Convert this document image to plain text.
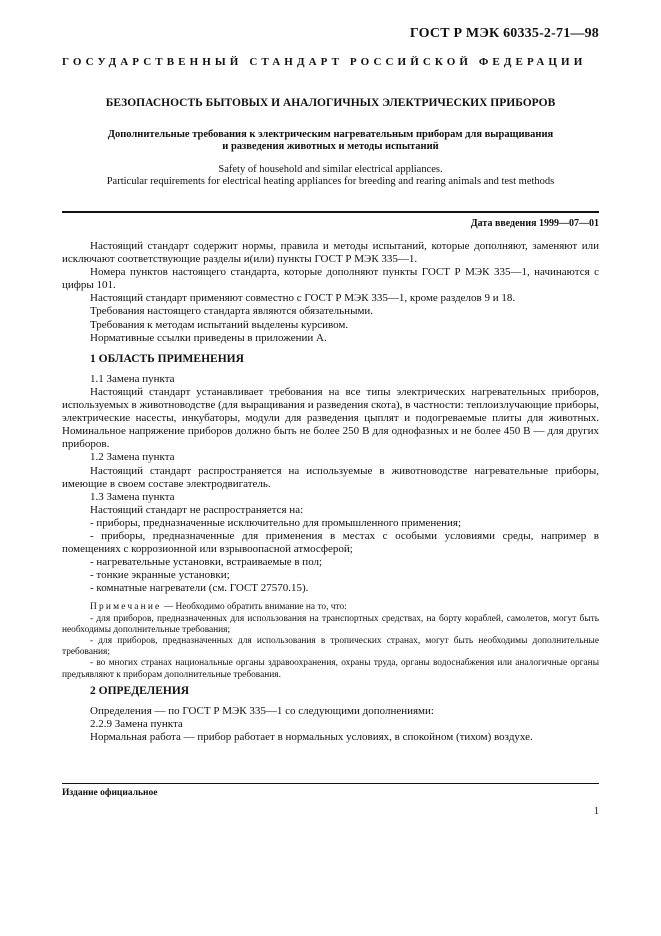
ГОСТ Р МЭК 60335-2-71—98
ГОСУДАРСТВЕННЫЙ СТАНДАРТ РОССИЙСКОЙ ФЕДЕРАЦИИ
БЕЗОПАСНОСТЬ БЫТОВЫХ И АНАЛОГИЧНЫХ ЭЛЕКТРИЧЕСКИХ ПРИБОРОВ
Дополнительные требования к электрическим нагревательным приборам для выращивания
и разведения животных и методы испытаний
Safety of household and similar electrical appliances.
Particular requirements for electrical heating appliances for breeding and rearing animals and test methods
Дата введения 1999—07—01
Настоящий стандарт содержит нормы, правила и методы испытаний, которые дополняют, заменяют или исключают соответствующие разделы и(или) пункты ГОСТ Р МЭК 335—1.
Номера пунктов настоящего стандарта, которые дополняют пункты ГОСТ Р МЭК 335—1, начинаются с цифры 101.
Настоящий стандарт применяют совместно с ГОСТ Р МЭК 335—1, кроме разделов 9 и 18.
Требования настоящего стандарта являются обязательными.
Требования к методам испытаний выделены курсивом.
Нормативные ссылки приведены в приложении А.
1 ОБЛАСТЬ ПРИМЕНЕНИЯ
1.1 Замена пункта
Настоящий стандарт устанавливает требования на все типы электрических нагревательных приборов, используемых в животноводстве (для выращивания и разведения скота), в частности: теплоизлучающие приборы, электрические насесты, инкубаторы, модули для разведения цыплят и подогреваемые плиты для животных. Номинальное напряжение приборов должно быть не более 250 В для однофазных и не более 450 В — для других приборов.
1.2 Замена пункта
Настоящий стандарт распространяется на используемые в животноводстве нагревательные приборы, имеющие в своем составе электродвигатель.
1.3 Замена пункта
Настоящий стандарт не распространяется на:
- приборы, предназначенные исключительно для промышленного применения;
- приборы, предназначенные для применения в местах с особыми условиями среды, например в помещениях с коррозионной или взрывоопасной атмосферой;
- нагревательные установки, встраиваемые в пол;
- тонкие экранные установки;
- комнатные нагреватели (см. ГОСТ 27570.15).
Примечание — Необходимо обратить внимание на то, что:
- для приборов, предназначенных для использования на транспортных средствах, на борту кораблей, самолетов, могут быть необходимы дополнительные требования;
- для приборов, предназначенных для использования в тропических странах, могут быть необходимы дополнительные требования;
- во многих странах национальные органы здравоохранения, охраны труда, органы водоснабжения или аналогичные органы предъявляют к приборам дополнительные требования.
2 ОПРЕДЕЛЕНИЯ
Определения — по ГОСТ Р МЭК 335—1 со следующими дополнениями:
2.2.9 Замена пункта
Нормальная работа — прибор работает в нормальных условиях, в спокойном (тихом) воздухе.
Издание официальное
1
